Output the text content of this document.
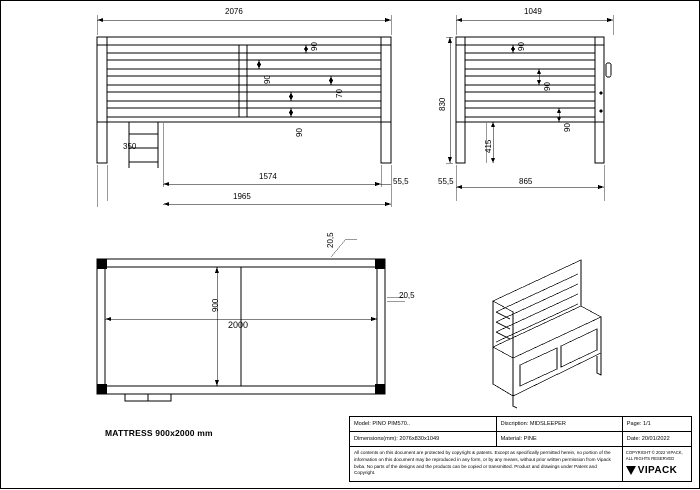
2076
1574
1965
350
55,5
90
90
70
90
1049
830
415
865
55,5
90
90
90
900
2000
20,5
20,5
MATTRESS 900x2000 mm
Model: PINO PIM570..	Discription: MIDSLEEPER	Page: 1/1
Dimensions(mm): 2076x830x1049	Material: PINE	Date: 20/01/2022
All contents on this document are protected by copyright & patents. Except as specifically permitted herein, no portion of the information on this document may be reproduced in any form, or by any means, without prior written permission from Vipack bvba. No parts of the designs and the products can be copied or transmitted. Product and drawings under Patent and Copyright.
COPYRIGHT © 2022 VIPACK,
ALL RIGHTS RESERVED
VIPACK
